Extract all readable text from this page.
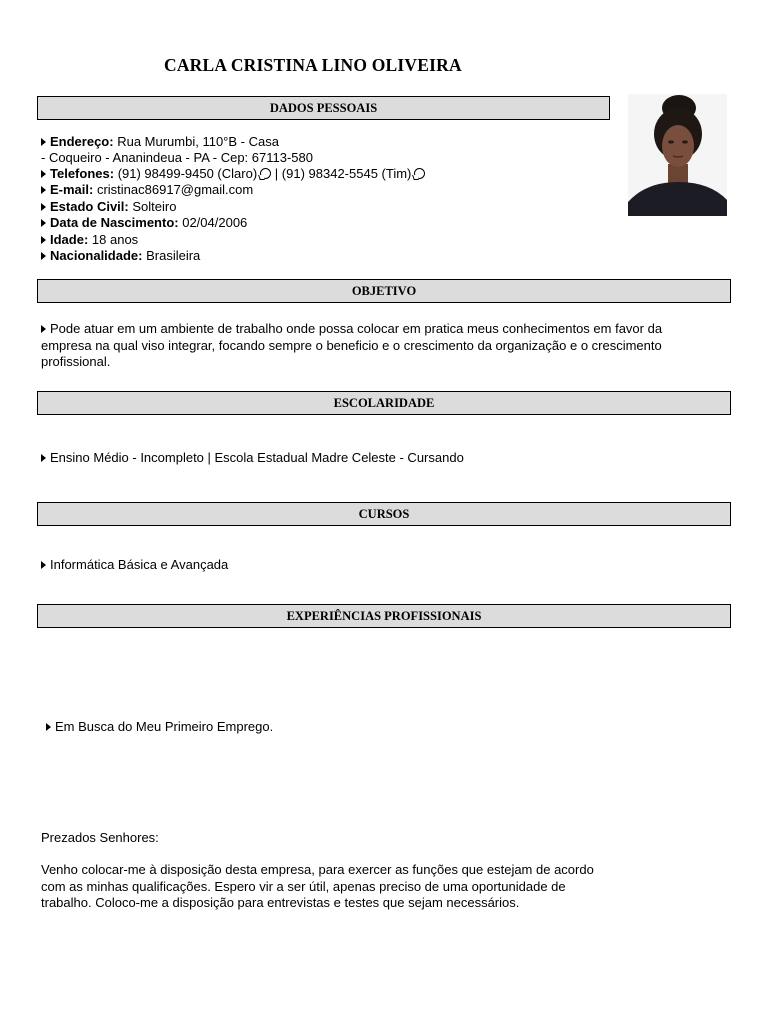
CARLA CRISTINA LINO OLIVEIRA
DADOS PESSOAIS
Endereço: Rua Murumbi, 110°B - Casa
- Coqueiro - Ananindeua - PA - Cep: 67113-580
Telefones: (91) 98499-9450 (Claro) | (91) 98342-5545 (Tim)
E-mail: cristinac86917@gmail.com
Estado Civil: Solteiro
Data de Nascimento: 02/04/2006
Idade: 18 anos
Nacionalidade: Brasileira
OBJETIVO
Pode atuar em um ambiente de trabalho onde possa colocar em pratica meus conhecimentos em favor da
empresa na qual viso integrar, focando sempre o beneficio e o crescimento da organização e o crescimento
profissional.
ESCOLARIDADE
Ensino Médio - Incompleto | Escola Estadual Madre Celeste - Cursando
CURSOS
Informática Básica e Avançada
EXPERIÊNCIAS PROFISSIONAIS
Em Busca do Meu Primeiro Emprego.
Prezados Senhores:
Venho colocar-me à disposição desta empresa, para exercer as funções que estejam de acordo
com as minhas qualificações. Espero vir a ser útil, apenas preciso de uma oportunidade de
trabalho. Coloco-me a disposição para entrevistas e testes que sejam necessários.
